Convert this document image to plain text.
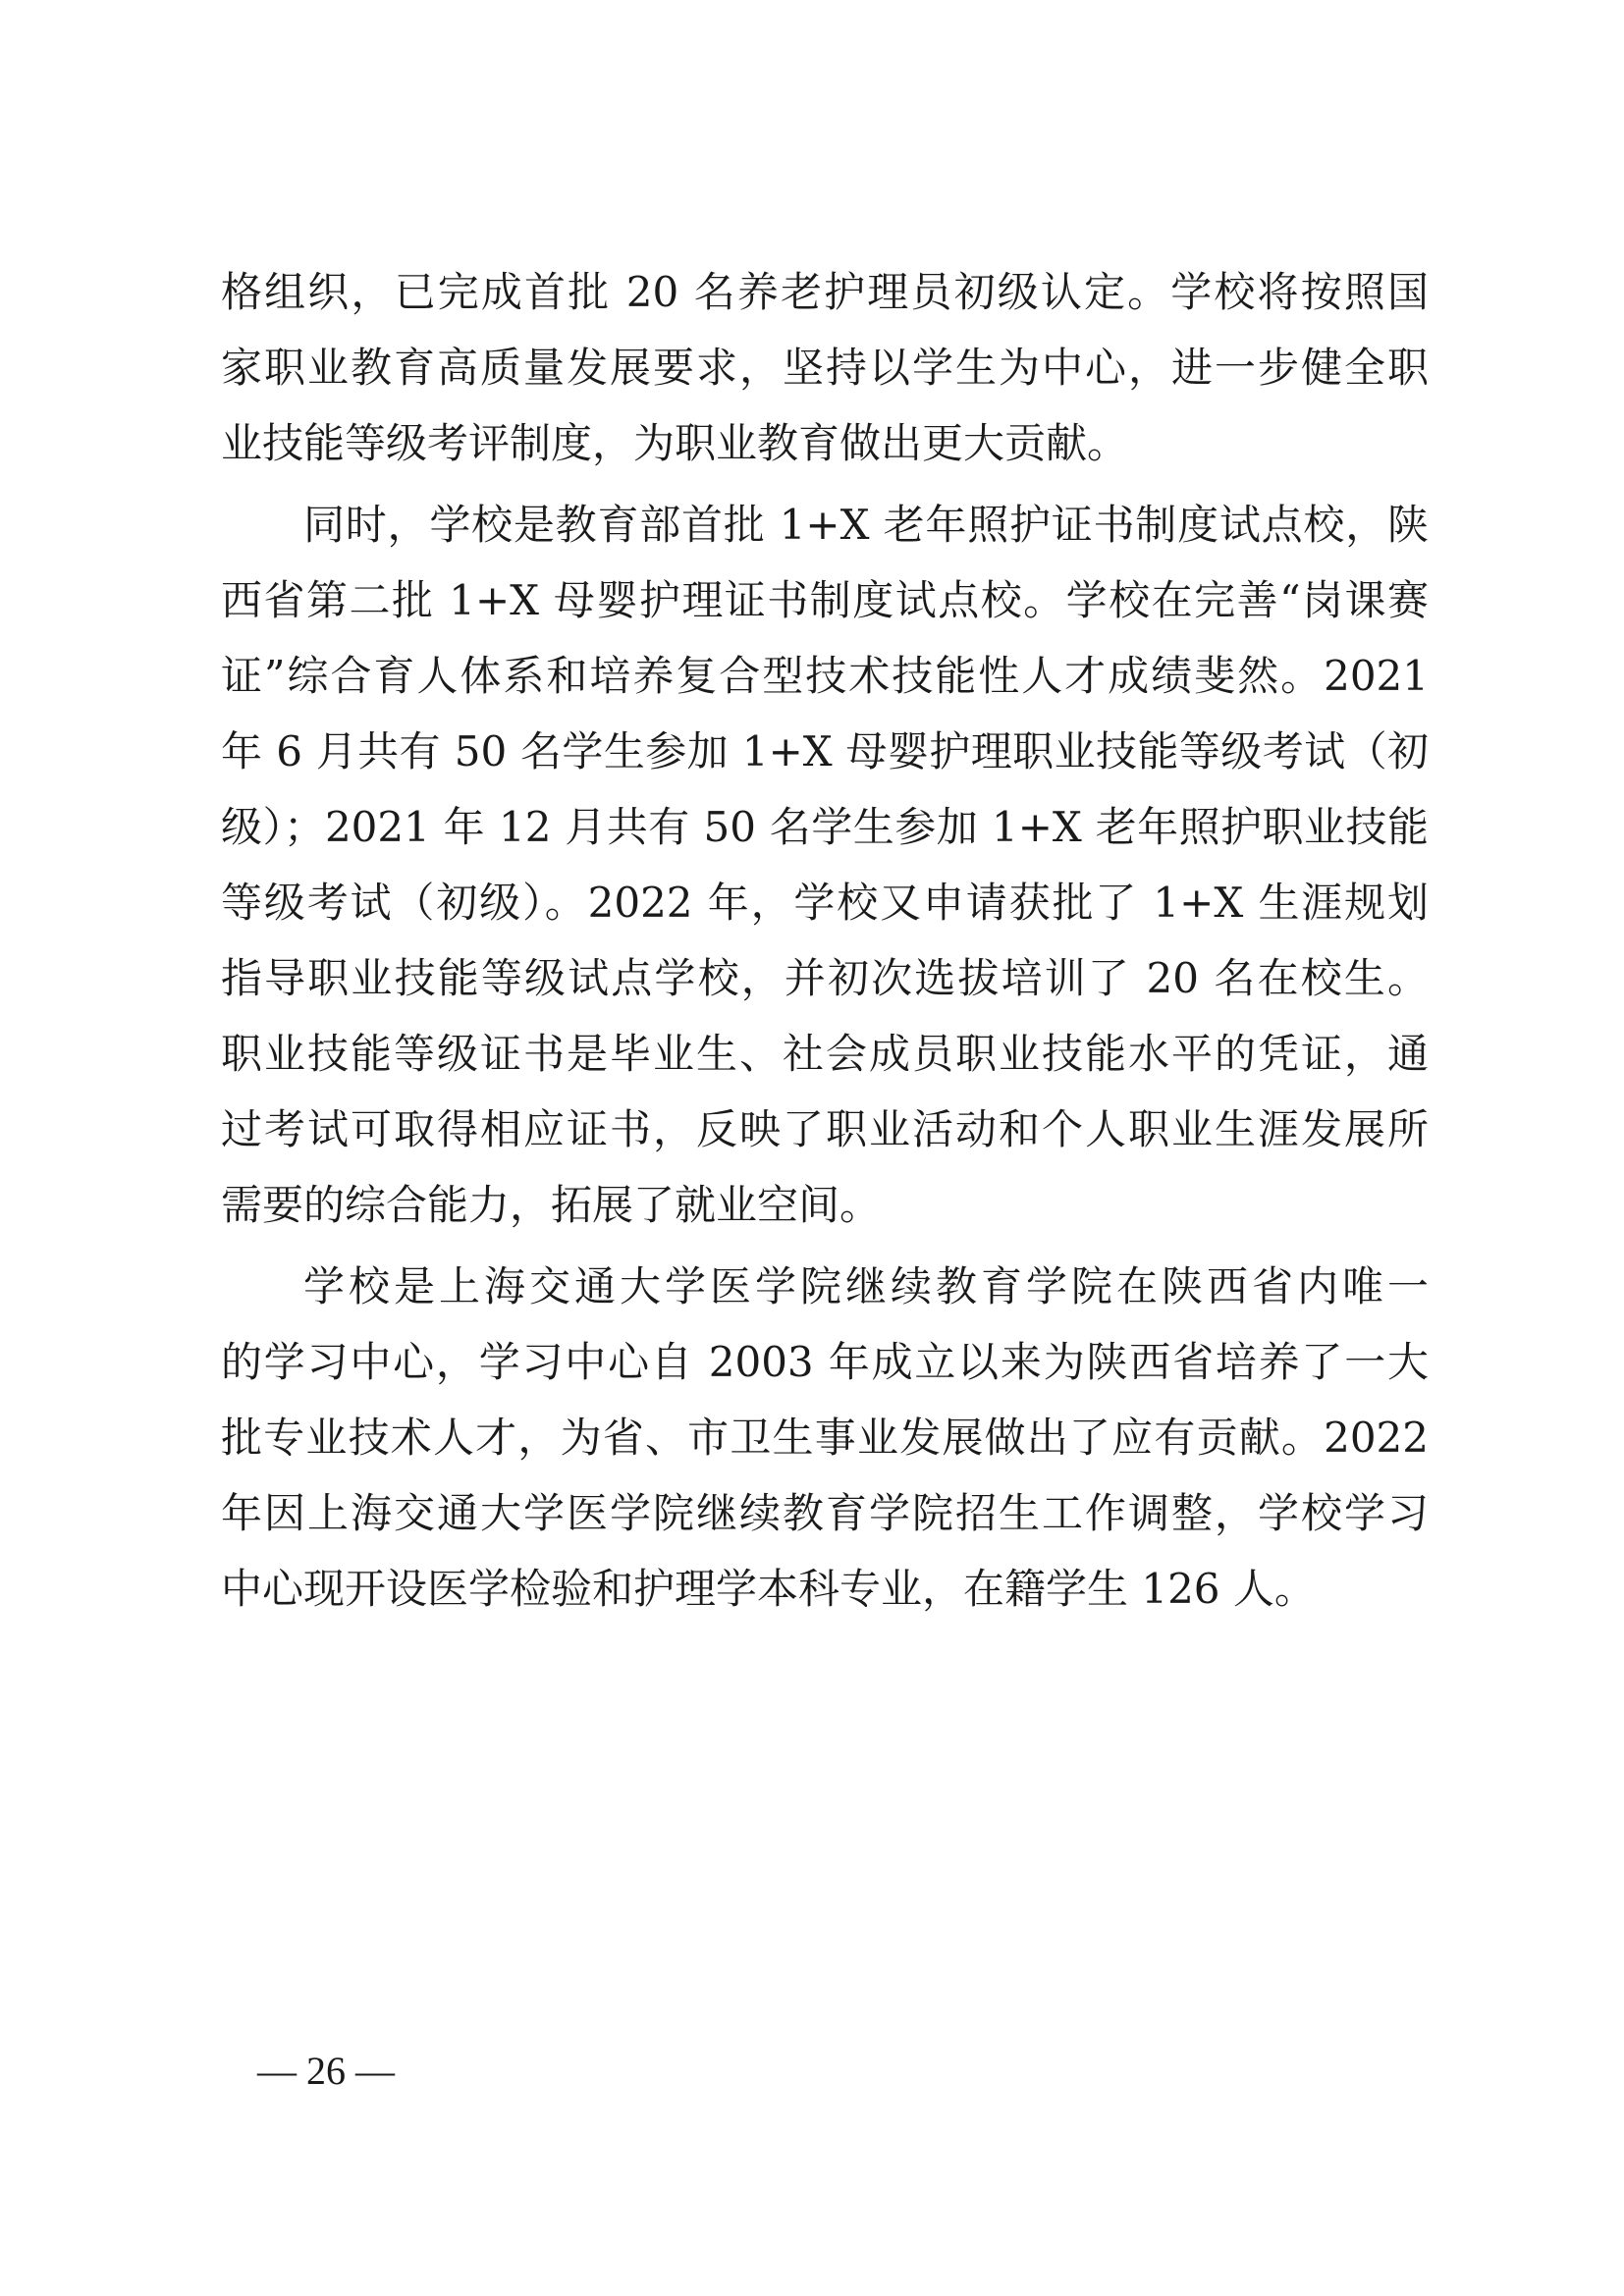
格组织，已完成首批 20 名养老护理员初级认定。学校将按照国
家职业教育高质量发展要求，坚持以学生为中心，进一步健全职
业技能等级考评制度，为职业教育做出更大贡献。
同时，学校是教育部首批 1+X 老年照护证书制度试点校，陕
西省第二批 1+X 母婴护理证书制度试点校。学校在完善“岗课赛
证”综合育人体系和培养复合型技术技能性人才成绩斐然。2021
年 6 月共有 50 名学生参加 1+X 母婴护理职业技能等级考试（初
级）；2021 年 12 月共有 50 名学生参加 1+X 老年照护职业技能
等级考试（初级）。2022 年，学校又申请获批了 1+X 生涯规划
指导职业技能等级试点学校，并初次选拔培训了 20 名在校生。
职业技能等级证书是毕业生、社会成员职业技能水平的凭证，通
过考试可取得相应证书，反映了职业活动和个人职业生涯发展所
需要的综合能力，拓展了就业空间。
学校是上海交通大学医学院继续教育学院在陕西省内唯一
的学习中心，学习中心自 2003 年成立以来为陕西省培养了一大
批专业技术人才，为省、市卫生事业发展做出了应有贡献。2022
年因上海交通大学医学院继续教育学院招生工作调整，学校学习
中心现开设医学检验和护理学本科专业，在籍学生 126 人。
— 26 —
